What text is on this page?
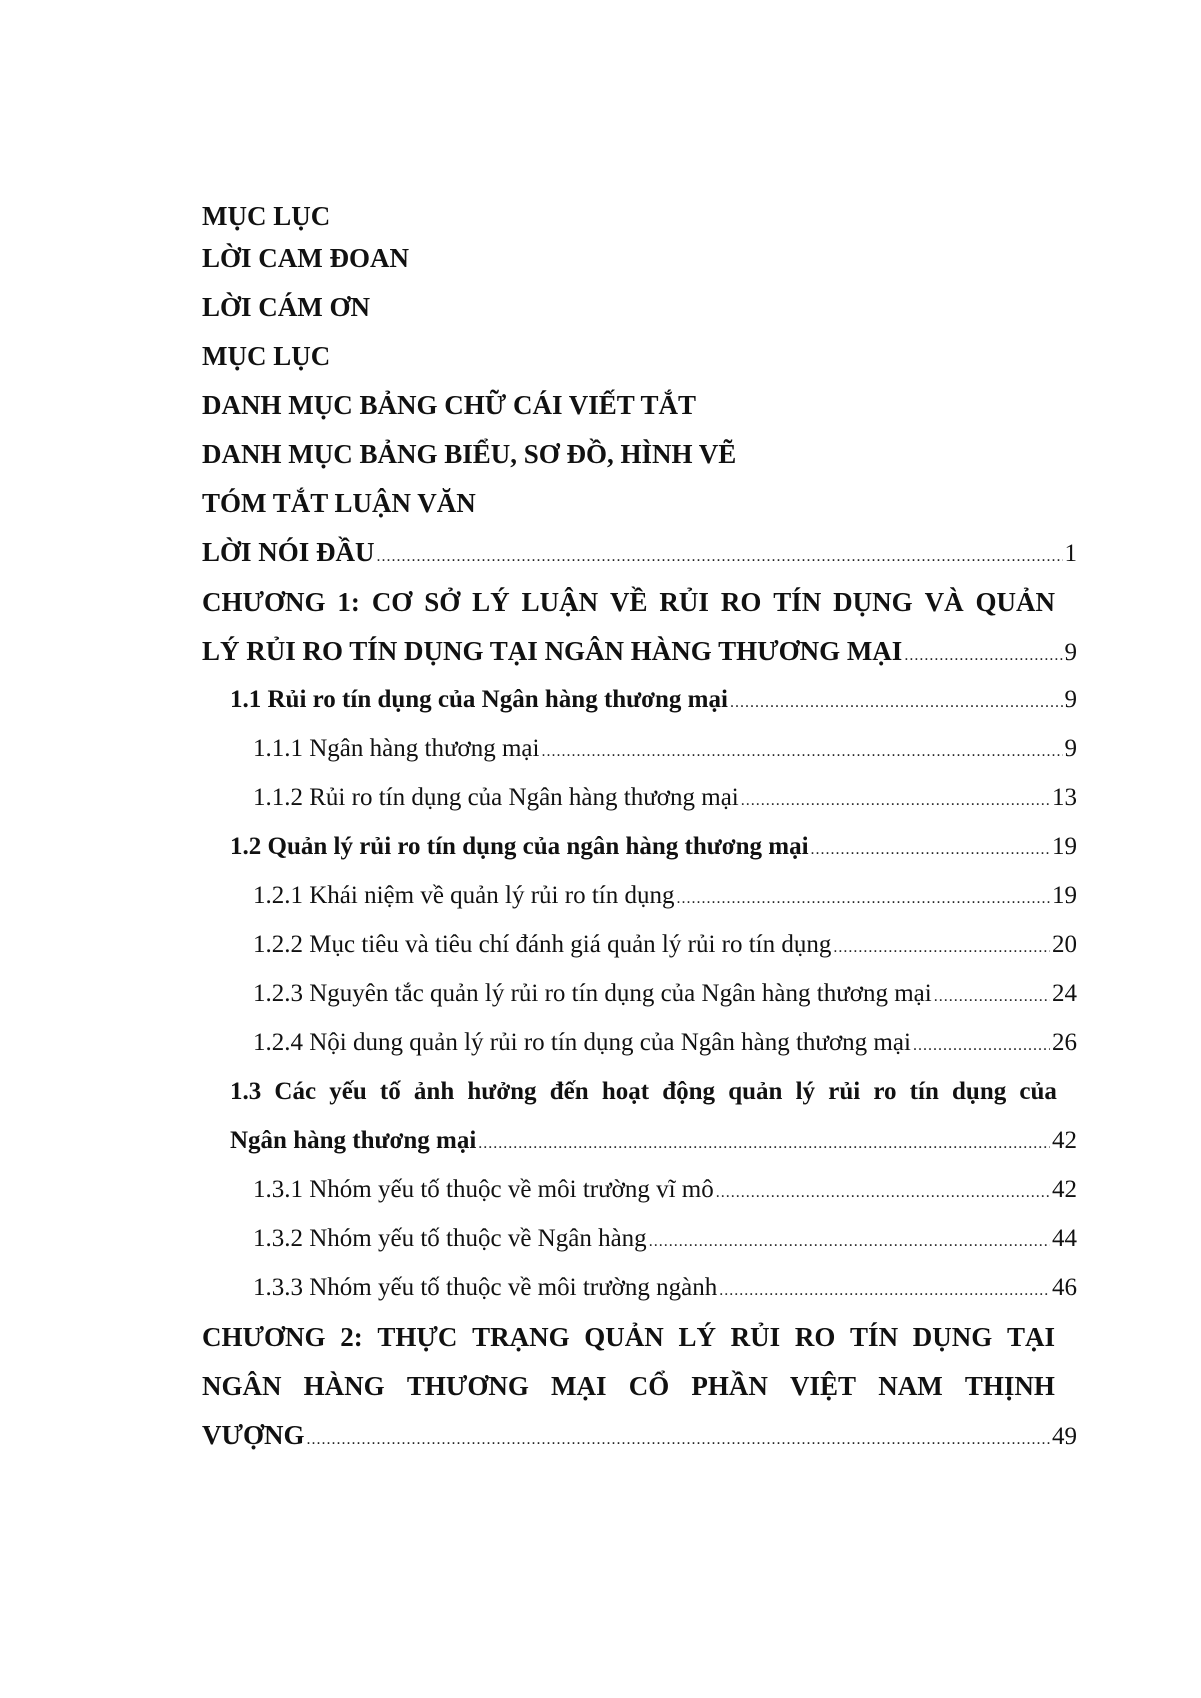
MỤC LỤC
LỜI CAM ĐOAN
LỜI CÁM ƠN
MỤC LỤC
DANH MỤC BẢNG CHỮ CÁI VIẾT TẮT
DANH MỤC BẢNG BIỂU, SƠ ĐỒ, HÌNH VẼ
TÓM TẮT LUẬN VĂN
LỜI NÓI ĐẦU .....	1
CHƯƠNG 1: CƠ SỞ LÝ LUẬN VỀ RỦI RO TÍN DỤNG VÀ QUẢN
LÝ RỦI RO TÍN DỤNG TẠI NGÂN HÀNG THƯƠNG MẠI .....	9
1.1 Rủi ro tín dụng của Ngân hàng thương mại .....	9
1.1.1 Ngân hàng thương mại .....	9
1.1.2 Rủi ro tín dụng của Ngân hàng thương mại .....	13
1.2 Quản lý rủi ro tín dụng của ngân hàng thương mại .....	19
1.2.1 Khái niệm về quản lý rủi ro tín dụng .....	19
1.2.2 Mục tiêu và tiêu chí đánh giá quản lý rủi ro tín dụng .....	20
1.2.3 Nguyên tắc quản lý rủi ro tín dụng của Ngân hàng thương mại .....	24
1.2.4 Nội dung quản lý rủi ro tín dụng của Ngân hàng thương mại .....	26
1.3 Các yếu tố ảnh hưởng đến hoạt động quản lý rủi ro tín dụng của
Ngân hàng thương mại .....	42
1.3.1 Nhóm yếu tố thuộc về môi trường vĩ mô .....	42
1.3.2 Nhóm yếu tố thuộc về Ngân hàng .....	44
1.3.3 Nhóm yếu tố thuộc về môi trường ngành .....	46
CHƯƠNG 2: THỰC TRẠNG QUẢN LÝ RỦI RO TÍN DỤNG TẠI
NGÂN HÀNG THƯƠNG MẠI CỔ PHẦN VIỆT NAM THỊNH
VƯỢNG .....	49
